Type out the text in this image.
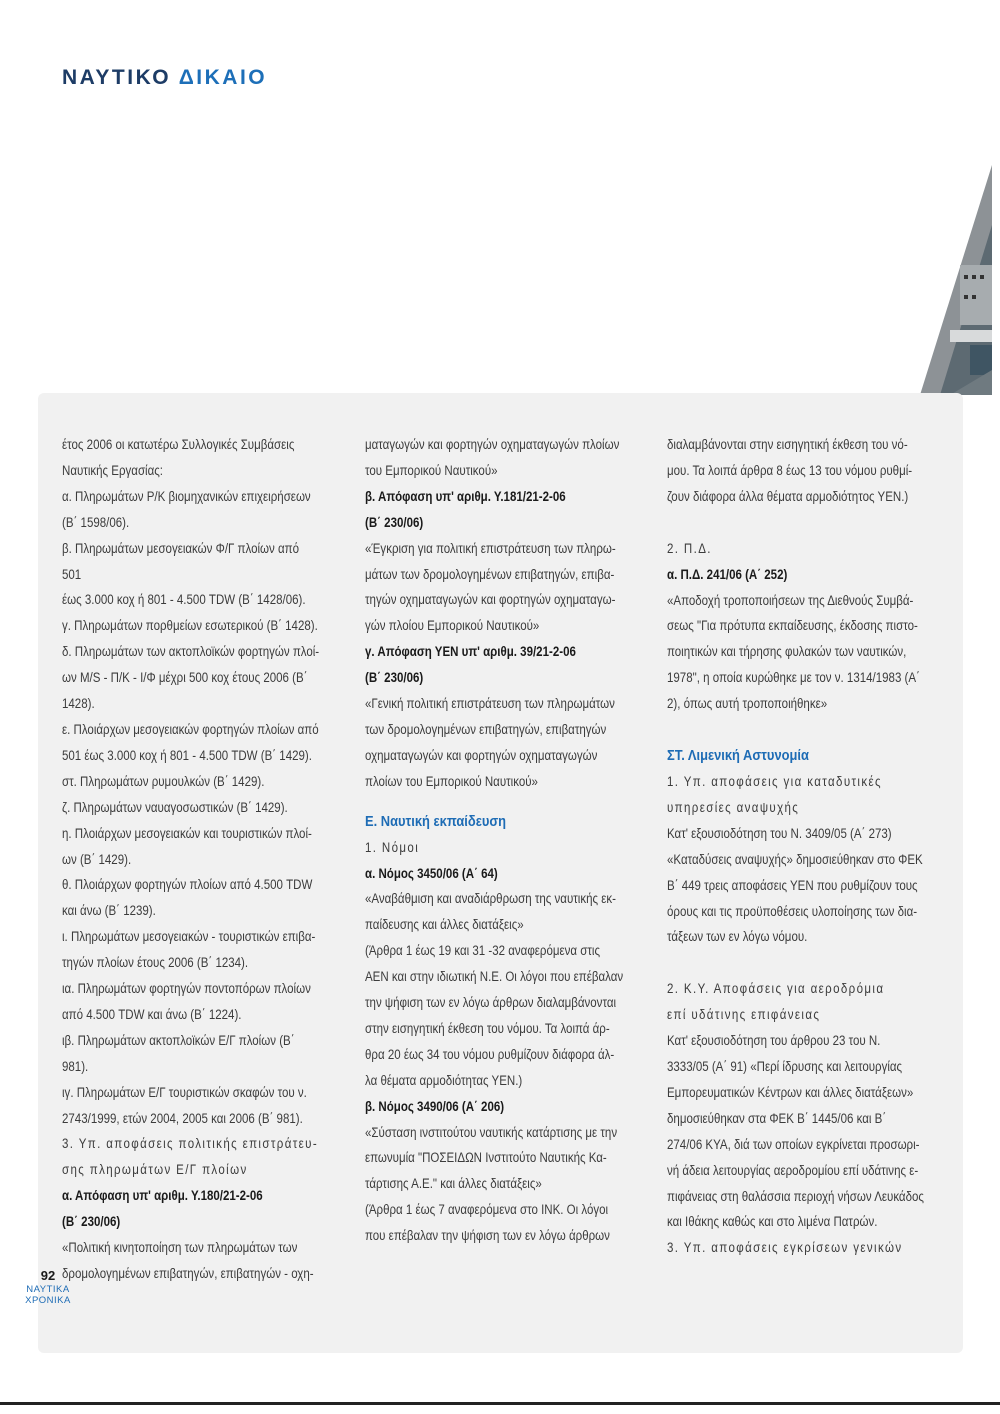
ΝΑΥΤΙΚΟ ΔΙΚΑΙΟ

έτος 2006 οι κατωτέρω Συλλογικές Συμβάσεις

Ναυτικής Εργασίας:

α. Πληρωμάτων Ρ/Κ βιομηχανικών επιχειρήσεων

(Β΄ 1598/06).

β. Πληρωμάτων μεσογειακών Φ/Γ πλοίων από 501

έως 3.000 κοχ ή 801 - 4.500 TDW (Β΄ 1428/06).

γ. Πληρωμάτων πορθμείων εσωτερικού (Β΄ 1428).

δ. Πληρωμάτων των ακτοπλοϊκών φορτηγών πλοί-

ων M/S - Π/Κ - Ι/Φ μέχρι 500 κοχ έτους 2006 (Β΄

1428).

ε. Πλοιάρχων μεσογειακών φορτηγών πλοίων από

501 έως 3.000 κοχ ή 801 - 4.500 TDW (Β΄ 1429).

στ. Πληρωμάτων ρυμουλκών (Β΄ 1429).

ζ. Πληρωμάτων ναυαγοσωστικών (Β΄ 1429).

η. Πλοιάρχων μεσογειακών και τουριστικών πλοί-

ων (Β΄ 1429).

θ. Πλοιάρχων φορτηγών πλοίων από 4.500 TDW

και άνω (Β΄ 1239).

ι. Πληρωμάτων μεσογειακών - τουριστικών επιβα-

τηγών πλοίων έτους 2006 (Β΄ 1234).

ια. Πληρωμάτων φορτηγών ποντοπόρων πλοίων

από 4.500 TDW και άνω (Β΄ 1224).

ιβ. Πληρωμάτων ακτοπλοϊκών Ε/Γ πλοίων (Β΄

981).

ιγ. Πληρωμάτων Ε/Γ τουριστικών σκαφών του ν.

2743/1999, ετών 2004, 2005 και 2006 (Β΄ 981).

3. Υπ. αποφάσεις πολιτικής επιστράτευ-

σης πληρωμάτων Ε/Γ πλοίων

α. Απόφαση υπ' αριθμ. Υ.180/21-2-06

(Β΄ 230/06)

«Πολιτική κινητοποίηση των πληρωμάτων των

δρομολογημένων επιβατηγών, επιβατηγών - οχη-

ματαγωγών και φορτηγών οχηματαγωγών πλοίων

του Εμπορικού Ναυτικού»

β. Απόφαση υπ' αριθμ. Υ.181/21-2-06

(Β΄ 230/06)

«Έγκριση για πολιτική επιστράτευση των πληρω-

μάτων των δρομολογημένων επιβατηγών, επιβα-

τηγών οχηματαγωγών και φορτηγών οχηματαγω-

γών πλοίου Εμπορικού Ναυτικού»

γ. Απόφαση ΥΕΝ υπ' αριθμ. 39/21-2-06

(Β΄ 230/06)

«Γενική πολιτική επιστράτευση των πληρωμάτων

των δρομολογημένων επιβατηγών, επιβατηγών

οχηματαγωγών και φορτηγών οχηματαγωγών

πλοίων του Εμπορικού Ναυτικού»

Ε. Ναυτική εκπαίδευση

1. Νόμοι

α. Νόμος 3450/06 (Α΄ 64)

«Αναβάθμιση και αναδιάρθρωση της ναυτικής εκ-

παίδευσης και άλλες διατάξεις»

(Άρθρα 1 έως 19 και 31 -32 αναφερόμενα στις

ΑΕΝ και στην ιδιωτική Ν.Ε. Οι λόγοι που επέβαλαν

την ψήφιση των εν λόγω άρθρων διαλαμβάνονται

στην εισηγητική έκθεση του νόμου. Τα λοιπά άρ-

θρα 20 έως 34 του νόμου ρυθμίζουν διάφορα άλ-

λα θέματα αρμοδιότητας ΥΕΝ.)

β. Νόμος 3490/06 (Α΄ 206)

«Σύσταση ινστιτούτου ναυτικής κατάρτισης με την

επωνυμία "ΠΟΣΕΙΔΩΝ Ινστιτούτο Ναυτικής Κα-

τάρτισης Α.Ε." και άλλες διατάξεις»

(Άρθρα 1 έως 7 αναφερόμενα στο ΙΝΚ. Οι λόγοι

που επέβαλαν την ψήφιση των εν λόγω άρθρων

διαλαμβάνονται στην εισηγητική έκθεση του νό-

μου. Τα λοιπά άρθρα 8 έως 13 του νόμου ρυθμί-

ζουν διάφορα άλλα θέματα αρμοδιότητος ΥΕΝ.)

2. Π.Δ.

α. Π.Δ. 241/06 (Α΄ 252)

«Αποδοχή τροποποιήσεων της Διεθνούς Συμβά-

σεως "Για πρότυπα εκπαίδευσης, έκδοσης πιστο-

ποιητικών και τήρησης φυλακών των ναυτικών,

1978", η οποία κυρώθηκε με τον ν. 1314/1983 (Α΄

2), όπως αυτή τροποποιήθηκε»

ΣΤ. Λιμενική Αστυνομία

1. Υπ. αποφάσεις για καταδυτικές

υπηρεσίες αναψυχής

Κατ' εξουσιοδότηση του Ν. 3409/05 (Α΄ 273)

«Καταδύσεις αναψυχής» δημοσιεύθηκαν στο ΦΕΚ

Β΄ 449 τρεις αποφάσεις ΥΕΝ που ρυθμίζουν τους

όρους και τις προϋποθέσεις υλοποίησης των δια-

τάξεων των εν λόγω νόμου.

2. Κ.Υ. Αποφάσεις για αεροδρόμια

επί υδάτινης επιφάνειας

Κατ' εξουσιοδότηση του άρθρου 23 του Ν.

3333/05 (Α΄ 91) «Περί ίδρυσης και λειτουργίας

Εμπορευματικών Κέντρων και άλλες διατάξεων»

δημοσιεύθηκαν στα ΦΕΚ Β΄ 1445/06 και Β΄

274/06 ΚΥΑ, διά των οποίων εγκρίνεται προσωρι-

νή άδεια λειτουργίας αεροδρομίου επί υδάτινης ε-

πιφάνειας στη θαλάσσια περιοχή νήσων Λευκάδος

και Ιθάκης καθώς και στο λιμένα Πατρών.

3. Υπ. αποφάσεις εγκρίσεων γενικών

92
ΝΑΥΤΙΚΑ
ΧΡΟΝΙΚΑ
